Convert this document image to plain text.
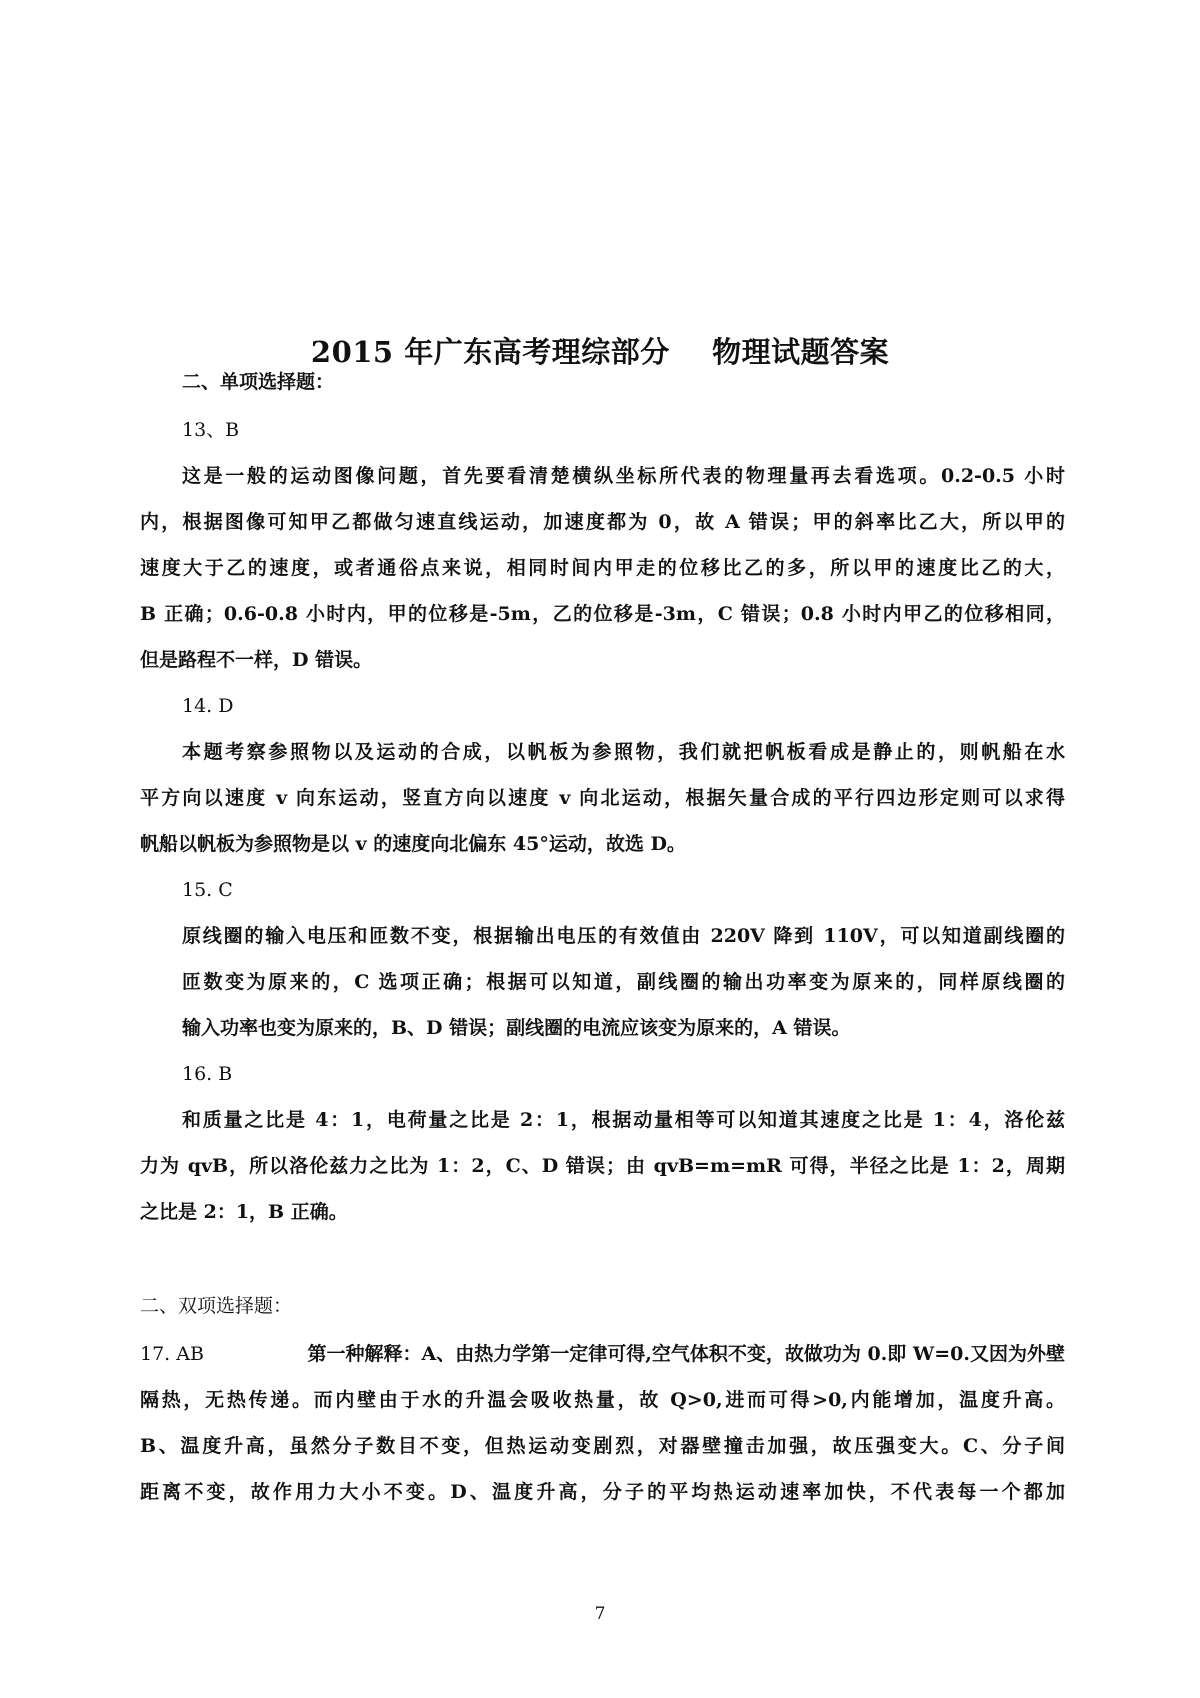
2015 年广东高考理综部分    物理试题答案
二、单项选择题：
13、B
这是一般的运动图像问题，首先要看清楚横纵坐标所代表的物理量再去看选项。0.2-0.5 小时
内，根据图像可知甲乙都做匀速直线运动，加速度都为 0，故 A 错误；甲的斜率比乙大，所以甲的
速度大于乙的速度，或者通俗点来说，相同时间内甲走的位移比乙的多，所以甲的速度比乙的大，
B 正确；0.6-0.8 小时内，甲的位移是-5m，乙的位移是-3m，C 错误；0.8 小时内甲乙的位移相同，
但是路程不一样，D 错误。
14. D
本题考察参照物以及运动的合成，以帆板为参照物，我们就把帆板看成是静止的，则帆船在水
平方向以速度 v 向东运动，竖直方向以速度 v 向北运动，根据矢量合成的平行四边形定则可以求得
帆船以帆板为参照物是以 v 的速度向北偏东 45°运动，故选 D。
15. C
原线圈的输入电压和匝数不变，根据输出电压的有效值由 220V 降到 110V，可以知道副线圈的
匝数变为原来的，C 选项正确；根据可以知道，副线圈的输出功率变为原来的，同样原线圈的
输入功率也变为原来的，B、D 错误；副线圈的电流应该变为原来的，A 错误。
16. B
和质量之比是 4：1，电荷量之比是 2：1，根据动量相等可以知道其速度之比是 1：4，洛伦兹
力为 qvB，所以洛伦兹力之比为 1：2，C、D 错误；由 qvB=m=mR 可得，半径之比是 1：2，周期
之比是 2：1，B 正确。
二、双项选择题：
17. AB	第一种解释：A、由热力学第一定律可得,空气体积不变，故做功为 0.即 W=0.又因为外壁
隔热，无热传递。而内壁由于水的升温会吸收热量，故 Q>0,进而可得>0,内能增加，温度升高。
B、温度升高，虽然分子数目不变，但热运动变剧烈，对器壁撞击加强，故压强变大。C、分子间
距离不变，故作用力大小不变。D、温度升高，分子的平均热运动速率加快，不代表每一个都加
7
